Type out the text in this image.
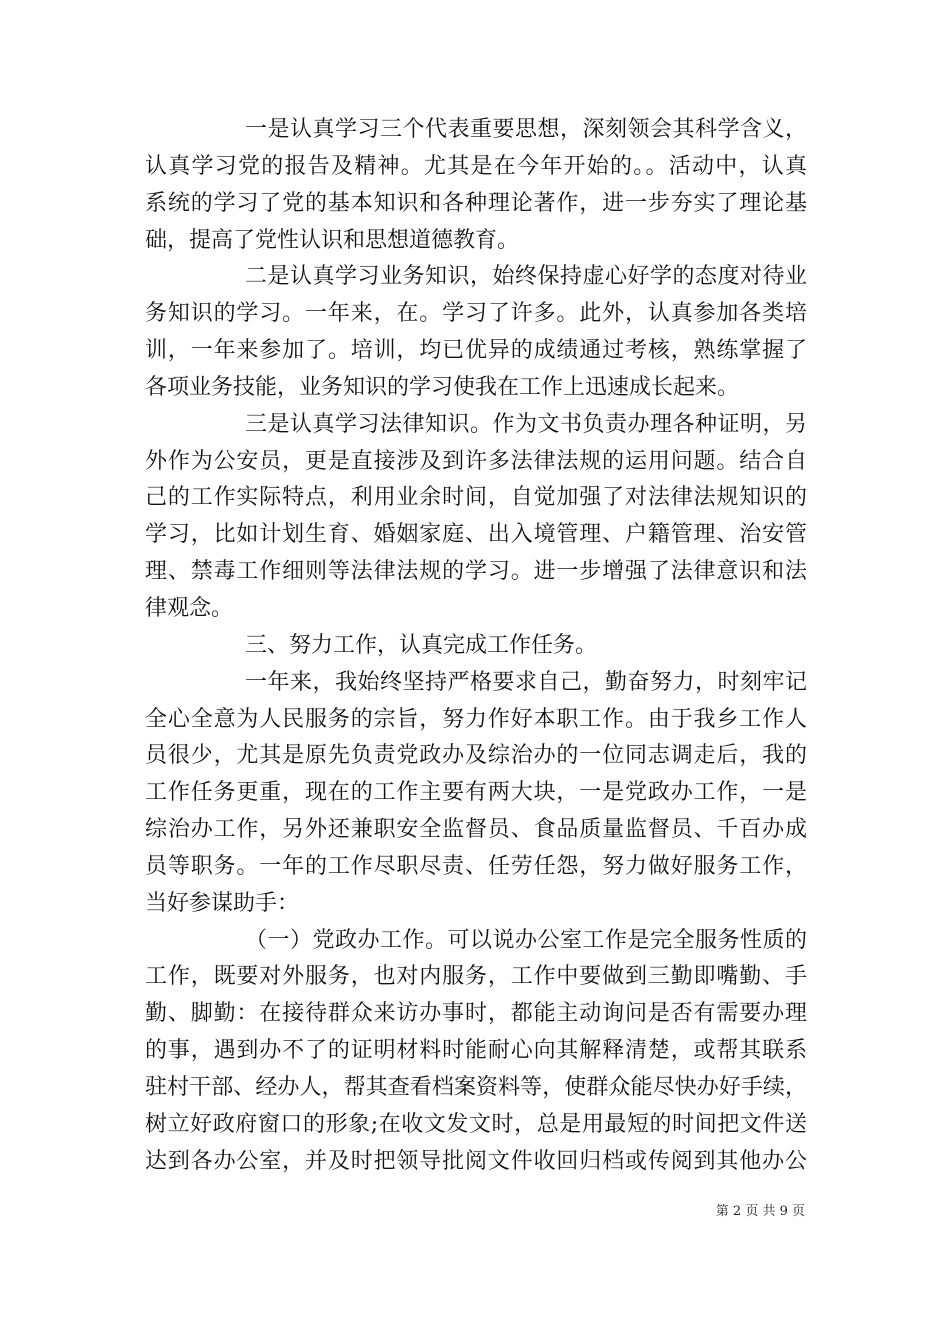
一是认真学习三个代表重要思想，深刻领会其科学含义，
认真学习党的报告及精神。尤其是在今年开始的。。活动中，认真
系统的学习了党的基本知识和各种理论著作，进一步夯实了理论基
础，提高了党性认识和思想道德教育。
二是认真学习业务知识，始终保持虚心好学的态度对待业
务知识的学习。一年来，在。学习了许多。此外，认真参加各类培
训，一年来参加了。培训，均已优异的成绩通过考核，熟练掌握了
各项业务技能，业务知识的学习使我在工作上迅速成长起来。
三是认真学习法律知识。作为文书负责办理各种证明，另
外作为公安员，更是直接涉及到许多法律法规的运用问题。结合自
己的工作实际特点，利用业余时间，自觉加强了对法律法规知识的
学习，比如计划生育、婚姻家庭、出入境管理、户籍管理、治安管
理、禁毒工作细则等法律法规的学习。进一步增强了法律意识和法
律观念。
三、努力工作，认真完成工作任务。
一年来，我始终坚持严格要求自己，勤奋努力，时刻牢记
全心全意为人民服务的宗旨，努力作好本职工作。由于我乡工作人
员很少，尤其是原先负责党政办及综治办的一位同志调走后，我的
工作任务更重，现在的工作主要有两大块，一是党政办工作，一是
综治办工作，另外还兼职安全监督员、食品质量监督员、千百办成
员等职务。一年的工作尽职尽责、任劳任怨，努力做好服务工作，
当好参谋助手：
（一）党政办工作。可以说办公室工作是完全服务性质的
工作，既要对外服务，也对内服务，工作中要做到三勤即嘴勤、手
勤、脚勤：在接待群众来访办事时，都能主动询问是否有需要办理
的事，遇到办不了的证明材料时能耐心向其解释清楚，或帮其联系
驻村干部、经办人，帮其查看档案资料等，使群众能尽快办好手续，
树立好政府窗口的形象;在收文发文时，总是用最短的时间把文件送
达到各办公室，并及时把领导批阅文件收回归档或传阅到其他办公
第 2 页 共 9 页
